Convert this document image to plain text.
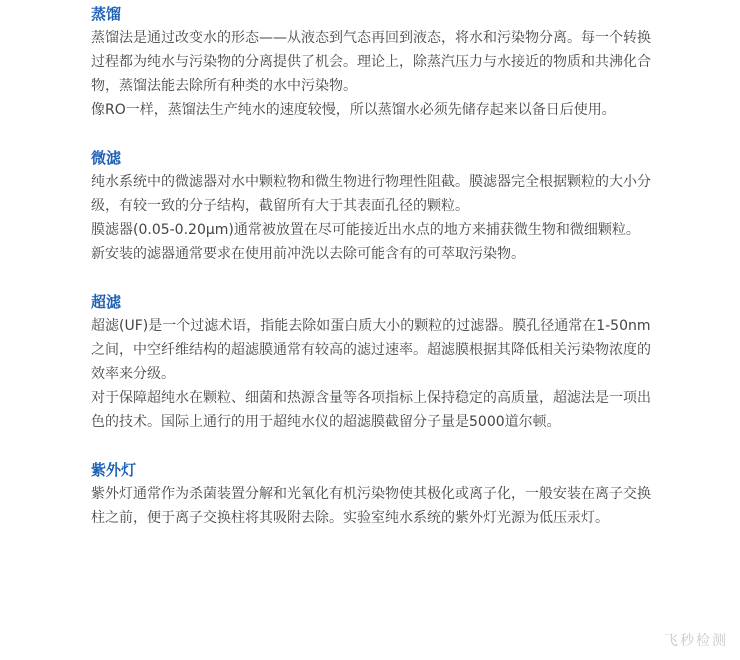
蒸馏

蒸馏法是通过改变水的形态——从液态到气态再回到液态，将水和污染物分离。每一个转换过程都为纯水与污染物的分离提供了机会。理论上，除蒸汽压力与水接近的物质和共沸化合物，蒸馏法能去除所有种类的水中污染物。

像RO一样，蒸馏法生产纯水的速度较慢，所以蒸馏水必须先储存起来以备日后使用。

微滤

纯水系统中的微滤器对水中颗粒物和微生物进行物理性阻截。膜滤器完全根据颗粒的大小分级，有较一致的分子结构，截留所有大于其表面孔径的颗粒。

膜滤器(0.05-0.20μm)通常被放置在尽可能接近出水点的地方来捕获微生物和微细颗粒。新安装的滤器通常要求在使用前冲洗以去除可能含有的可萃取污染物。

超滤

超滤(UF)是一个过滤术语，指能去除如蛋白质大小的颗粒的过滤器。膜孔径通常在1-50nm之间，中空纤维结构的超滤膜通常有较高的滤过速率。超滤膜根据其降低相关污染物浓度的效率来分级。

对于保障超纯水在颗粒、细菌和热源含量等各项指标上保持稳定的高质量，超滤法是一项出色的技术。国际上通行的用于超纯水仪的超滤膜截留分子量是5000道尔顿。

紫外灯

紫外灯通常作为杀菌装置分解和光氧化有机污染物使其极化或离子化，一般安装在离子交换柱之前，便于离子交换柱将其吸附去除。实验室纯水系统的紫外灯光源为低压汞灯。

飞秒检测
